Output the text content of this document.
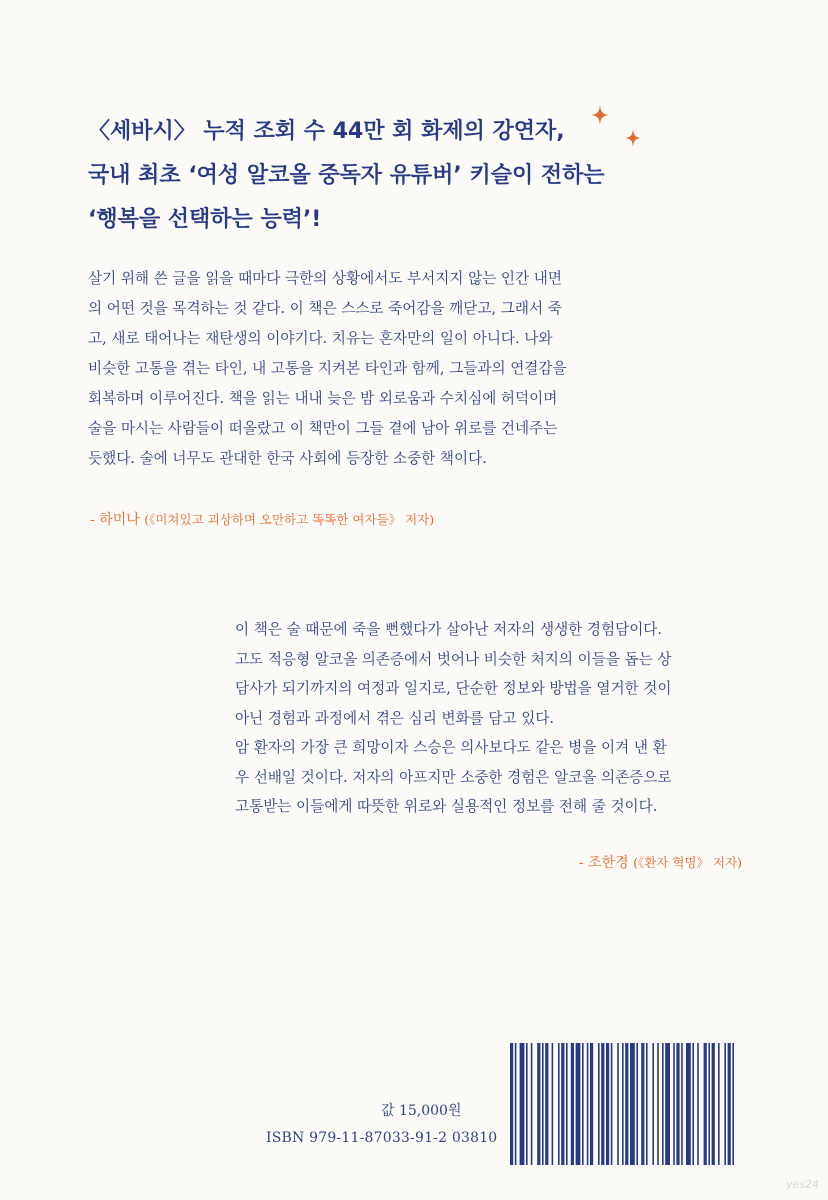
〈세바시〉 누적 조회 수 44만 회 화제의 강연자,
국내 최초 ‘여성 알코올 중독자 유튜버’ 키슬이 전하는
‘행복을 선택하는 능력’!
살기 위해 쓴 글을 읽을 때마다 극한의 상황에서도 부서지지 않는 인간 내면
의 어떤 것을 목격하는 것 같다. 이 책은 스스로 죽어감을 깨닫고, 그래서 죽
고, 새로 태어나는 재탄생의 이야기다. 치유는 혼자만의 일이 아니다. 나와
비슷한 고통을 겪는 타인, 내 고통을 지켜본 타인과 함께, 그들과의 연결감을
회복하며 이루어진다. 책을 읽는 내내 늦은 밤 외로움과 수치심에 허덕이며
술을 마시는 사람들이 떠올랐고 이 책만이 그들 곁에 남아 위로를 건네주는
듯했다. 술에 너무도 관대한 한국 사회에 등장한 소중한 책이다.
- 하미나 (《미쳐있고 괴상하며 오만하고 똑똑한 여자들》 저자)
이 책은 술 때문에 죽을 뻔했다가 살아난 저자의 생생한 경험담이다.
고도 적응형 알코올 의존증에서 벗어나 비슷한 처지의 이들을 돕는 상
담사가 되기까지의 여정과 일지로, 단순한 정보와 방법을 열거한 것이
아닌 경험과 과정에서 겪은 심리 변화를 담고 있다.
암 환자의 가장 큰 희망이자 스승은 의사보다도 같은 병을 이겨 낸 환
우 선배일 것이다. 저자의 아프지만 소중한 경험은 알코올 의존증으로
고통받는 이들에게 따뜻한 위로와 실용적인 정보를 전해 줄 것이다.
- 조한경 (《환자 혁명》 저자)
값 15,000원
ISBN 979-11-87033-91-2 03810
yes24
